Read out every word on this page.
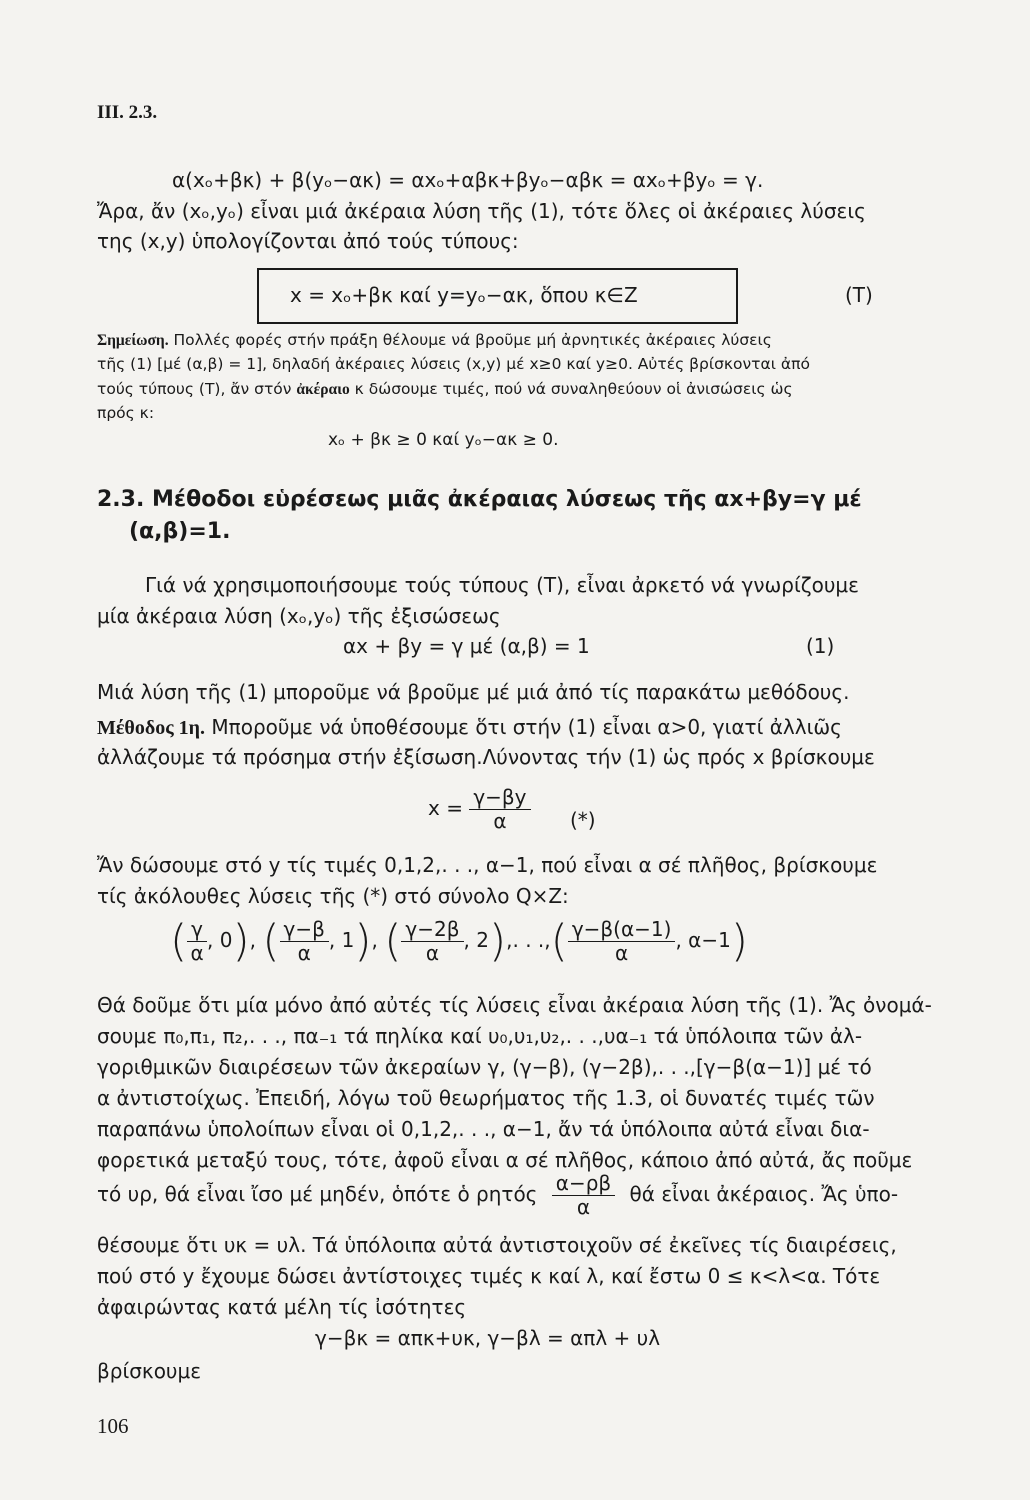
III. 2.3.
α(xₒ+βκ) + β(yₒ−ακ) = αxₒ+αβκ+βyₒ−αβκ = αxₒ+βyₒ = γ.
Ἄρα, ἄν (xₒ,yₒ) εἶναι μιά ἀκέραια λύση τῆς (1), τότε ὅλες οἱ ἀκέραιες λύσεις
της (x,y) ὑπολογίζονται ἀπό τούς τύπους:
x = xₒ+βκ καί y=yₒ−ακ, ὅπου κ∈Z	(T)
Σημείωση. Πολλές φορές στήν πράξη θέλουμε νά βροῦμε μή ἀρνητικές ἀκέραιες λύσεις
τῆς (1) [μέ (α,β) = 1], δηλαδή ἀκέραιες λύσεις (x,y) μέ x≥0 καί y≥0. Αὐτές βρίσκονται ἀπό
τούς τύπους (T), ἄν στόν ἀκέραιο κ δώσουμε τιμές, πού νά συναληθεύουν οἱ ἀνισώσεις ὡς
πρός κ:
xₒ + βκ ≥ 0 καί yₒ−ακ ≥ 0.
2.3. Μέθοδοι εὑρέσεως μιᾶς ἀκέραιας λύσεως τῆς αx+βy=γ μέ
(α,β)=1.
Γιά νά χρησιμοποιήσουμε τούς τύπους (T), εἶναι ἀρκετό νά γνωρίζουμε
μία ἀκέραια λύση (xₒ,yₒ) τῆς ἐξισώσεως
αx + βy = γ μέ (α,β) = 1	(1)
Μιά λύση τῆς (1) μποροῦμε νά βροῦμε μέ μιά ἀπό τίς παρακάτω μεθόδους.
Μέθοδος 1η. Μποροῦμε νά ὑποθέσουμε ὅτι στήν (1) εἶναι α>0, γιατί ἀλλιῶς
ἀλλάζουμε τά πρόσημα στήν ἐξίσωση.Λύνοντας τήν (1) ὡς πρός x βρίσκουμε
$x = \frac{\gamma-\beta y}{\alpha}$ (*)
Ἄν δώσουμε στό y τίς τιμές 0,1,2,. . ., α−1, πού εἶναι α σέ πλῆθος, βρίσκουμε
τίς ἀκόλουθες λύσεις τῆς (*) στό σύνολο Q×Z:
( $\frac{\gamma}{\alpha}$ , 0), ( $\frac{\gamma-\beta}{\alpha}$ , 1), ( $\frac{\gamma-2\beta}{\alpha}$ , 2),. . .,( $\frac{\gamma-\beta(\alpha-1)}{\alpha}$ , α−1)
Θά δοῦμε ὅτι μία μόνο ἀπό αὐτές τίς λύσεις εἶναι ἀκέραια λύση τῆς (1). Ἄς ὀνομά-
σουμε π₀,π₁, π₂,. . ., πα₋₁ τά πηλίκα καί υ₀,υ₁,υ₂,. . .,υα₋₁ τά ὑπόλοιπα τῶν ἀλ-
γοριθμικῶν διαιρέσεων τῶν ἀκεραίων γ, (γ−β), (γ−2β),. . .,[γ−β(α−1)] μέ τό
α ἀντιστοίχως. Ἐπειδή, λόγω τοῦ θεωρήματος τῆς 1.3, οἱ δυνατές τιμές τῶν
παραπάνω ὑπολοίπων εἶναι οἱ 0,1,2,. . ., α−1, ἄν τά ὑπόλοιπα αὐτά εἶναι δια-
φορετικά μεταξύ τους, τότε, ἀφοῦ εἶναι α σέ πλῆθος, κάποιο ἀπό αὐτά, ἄς ποῦμε
τό υρ, θά εἶναι ἴσο μέ μηδέν, ὁπότε ὁ ρητός $\frac{\alpha-\rho\beta}{\alpha}$ θά εἶναι ἀκέραιος. Ἄς ὑπο-
θέσουμε ὅτι υκ = υλ. Τά ὑπόλοιπα αὐτά ἀντιστοιχοῦν σέ ἐκεῖνες τίς διαιρέσεις,
πού στό y ἔχουμε δώσει ἀντίστοιχες τιμές κ καί λ, καί ἔστω 0 ≤ κ<λ<α. Τότε
ἀφαιρώντας κατά μέλη τίς ἰσότητες
γ−βκ = απκ+υκ, γ−βλ = απλ + υλ
βρίσκουμε
106
